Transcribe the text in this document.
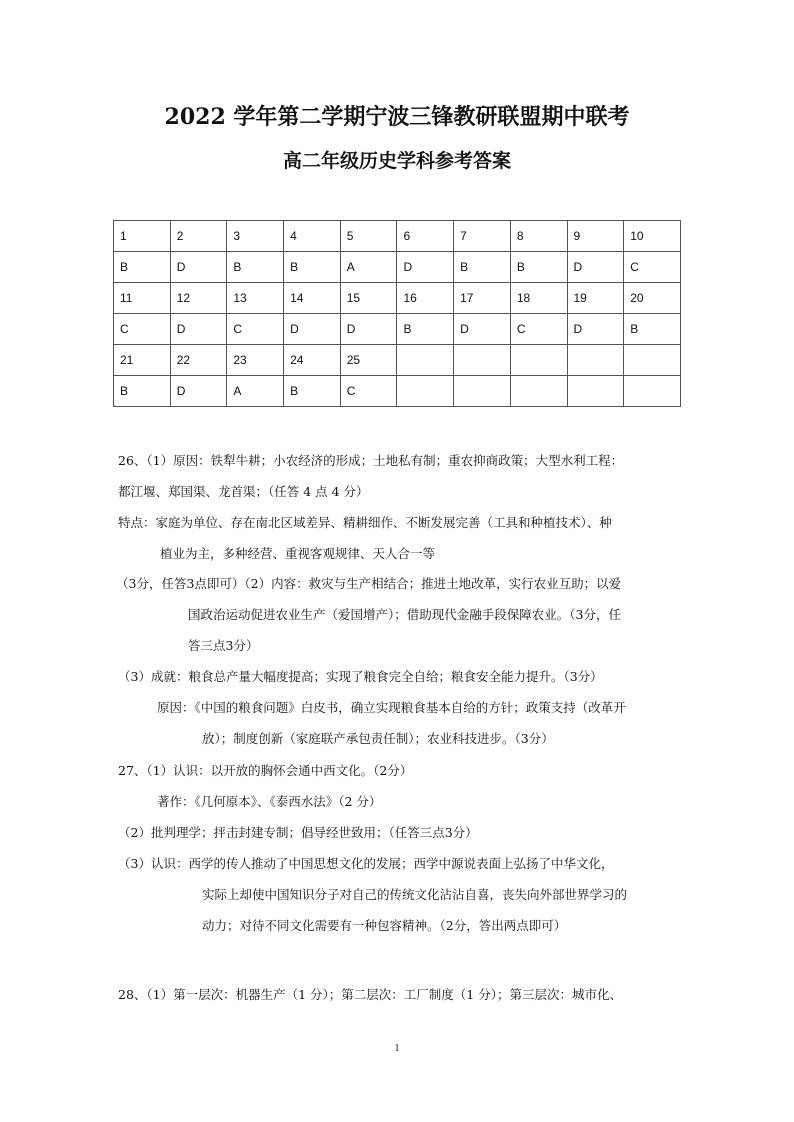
2022 学年第二学期宁波三锋教研联盟期中联考
高二年级历史学科参考答案
1	2	3	4	5	6	7	8	9	10
B	D	B	B	A	D	B	B	D	C
11	12	13	14	15	16	17	18	19	20
C	D	C	D	D	B	D	C	D	B
21	22	23	24	25					
B	D	A	B	C					
26、（1）原因：铁犁牛耕；小农经济的形成；土地私有制；重农抑商政策；大型水利工程：
都江堰、郑国渠、龙首渠；（任答 4 点 4 分）
特点：家庭为单位、存在南北区域差异、精耕细作、不断发展完善（工具和种植技术）、种
植业为主，多种经营、重视客观规律、天人合一等
（3分，任答3点即可）（2）内容：救灾与生产相结合；推进土地改革，实行农业互助；以爱
国政治运动促进农业生产（爱国增产）；借助现代金融手段保障农业。（3分，任
答三点3分）
（3）成就：粮食总产量大幅度提高；实现了粮食完全自给；粮食安全能力提升。（3分）
原因：《中国的粮食问题》白皮书，确立实现粮食基本自给的方针；政策支持（改革开
放）；制度创新（家庭联产承包责任制）；农业科技进步。（3分）
27、（1）认识：以开放的胸怀会通中西文化。（2分）
著作：《几何原本》、《泰西水法》（2 分）
（2）批判理学；抨击封建专制；倡导经世致用；（任答三点3分）
（3）认识：西学的传人推动了中国思想文化的发展；西学中源说表面上弘扬了中华文化，
实际上却使中国知识分子对自己的传统文化沾沾自喜，丧失向外部世界学习的
动力；对待不同文化需要有一种包容精神。（2分，答出两点即可）
28、（1）第一层次：机器生产（1 分）；第二层次：工厂制度（1 分）；第三层次：城市化、
1
